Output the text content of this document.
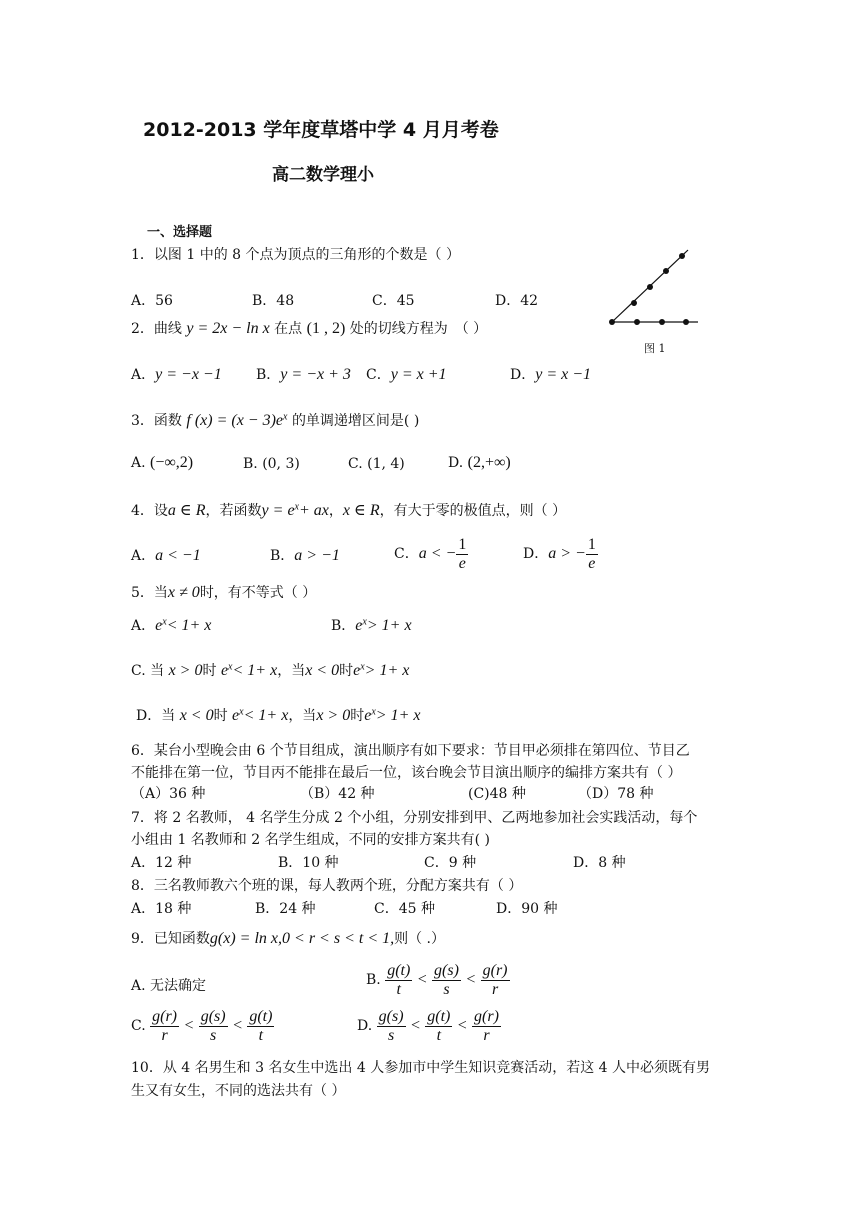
2012-2013 学年度草塔中学 4 月月考卷
高二数学理小
一、选择题
图 1
1．以图 1 中的 8 个点为顶点的三角形的个数是（ ）
A．56	B．48	C．45	D．42
2．曲线 y = 2x − ln x 在点 (1 , 2) 处的切线方程为　（ ）
A．y = −x −1 B．y = −x + 3 C．y = x +1	D．y = x −1
3．函数 f $(x) = (x - 3)e^x$ 的单调递增区间是( )
A. (−∞,2)	B. (0, 3)	C. (1, 4)	D. (2,+∞)
4．设a ∈ R，若函数$y = e^x+$ ax，x ∈ R，有大于零的极值点，则（ ）
A．a < −1	B．a > −1	C．a < − $\frac{1}{e}$	D．a > − $\frac{1}{e}$
5．当x ≠ 0时，有不等式（ ）
A．$e^x< 1+ x$	B．$e^x> 1+ x$
C. 当 x > 0时 $e^x< 1+ x$，当x < 0时$e^x> 1+ x$
D．当 x < 0时 $e^x< 1+ x$，当x > 0时$e^x> 1+ x$
6．某台小型晚会由 6 个节目组成，演出顺序有如下要求：节目甲必须排在第四位、节目乙
不能排在第一位，节目丙不能排在最后一位，该台晚会节目演出顺序的编排方案共有（ ）
（A）36 种	（B）42 种	(C)48 种	（D）78 种
7．将 2 名教师， 4 名学生分成 2 个小组，分别安排到甲、乙两地参加社会实践活动，每个
小组由 1 名教师和 2 名学生组成，不同的安排方案共有( )
A．12 种	B．10 种	C．9 种	D．8 种
8．三名教师教六个班的课，每人教两个班，分配方案共有（ ）
A．18 种	B．24 种	C．45 种	D．90 种
9．已知函数g(x) = ln x,0 < r < s < t < 1,则（ .）
A. 无法确定	B. $\frac{g(t)}{t} < \frac{g(s)}{s} < \frac{g(r)}{r}$
C. $\frac{g(r)}{r} < \frac{g(s)}{s} < \frac{g(t)}{t}$	D. $\frac{g(s)}{s} < \frac{g(t)}{t} < \frac{g(r)}{r}$
10．从 4 名男生和 3 名女生中选出 4 人参加市中学生知识竞赛活动，若这 4 人中必须既有男
生又有女生，不同的选法共有（ ）
